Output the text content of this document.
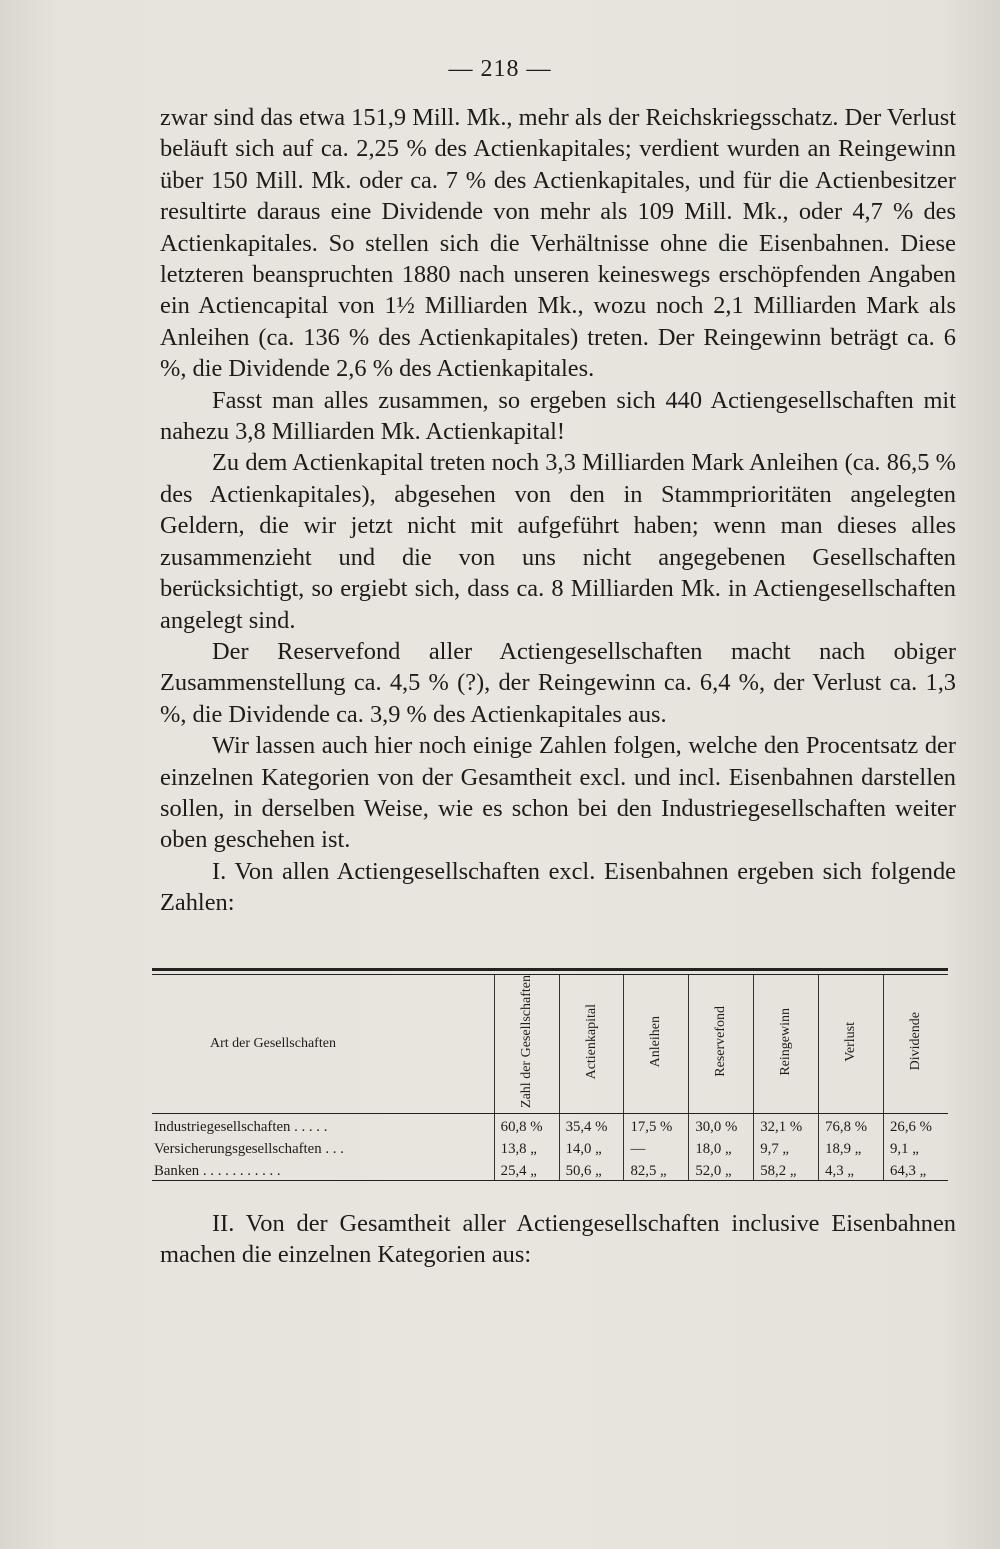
— 218 —

zwar sind das etwa 151,9 Mill. Mk., mehr als der Reichskriegsschatz. Der Verlust beläuft sich auf ca. 2,25 % des Actienkapitales; verdient wurden an Reingewinn über 150 Mill. Mk. oder ca. 7 % des Actienkapitales, und für die Actienbesitzer resultirte daraus eine Dividende von mehr als 109 Mill. Mk., oder 4,7 % des Actienkapitales. So stellen sich die Verhältnisse ohne die Eisenbahnen. Diese letzteren beanspruchten 1880 nach unseren keineswegs erschöpfenden Angaben ein Actiencapital von 1½ Milliarden Mk., wozu noch 2,1 Milliarden Mark als Anleihen (ca. 136 % des Actienkapitales) treten. Der Reingewinn beträgt ca. 6 %, die Dividende 2,6 % des Actienkapitales.

Fasst man alles zusammen, so ergeben sich 440 Actiengesellschaften mit nahezu 3,8 Milliarden Mk. Actienkapital!

Zu dem Actienkapital treten noch 3,3 Milliarden Mark Anleihen (ca. 86,5 % des Actienkapitales), abgesehen von den in Stammprioritäten angelegten Geldern, die wir jetzt nicht mit aufgeführt haben; wenn man dieses alles zusammenzieht und die von uns nicht angegebenen Gesellschaften berücksichtigt, so ergiebt sich, dass ca. 8 Milliarden Mk. in Actiengesellschaften angelegt sind.

Der Reservefond aller Actiengesellschaften macht nach obiger Zusammenstellung ca. 4,5 % (?), der Reingewinn ca. 6,4 %, der Verlust ca. 1,3 %, die Dividende ca. 3,9 % des Actienkapitales aus.

Wir lassen auch hier noch einige Zahlen folgen, welche den Procentsatz der einzelnen Kategorien von der Gesamtheit excl. und incl. Eisenbahnen darstellen sollen, in derselben Weise, wie es schon bei den Industriegesellschaften weiter oben geschehen ist.

I. Von allen Actiengesellschaften excl. Eisenbahnen ergeben sich folgende Zahlen:

Art der Gesellschaften	Zahl der Gesellschaften	Actienkapital	Anleihen	Reservefond	Reingewinn	Verlust	Dividende
Industriegesellschaften . . . . .	60,8 %	35,4 %	17,5 %	30,0 %	32,1 %	76,8 %	26,6 %
Versicherungsgesellschaften . . .	13,8 „	14,0 „	—	18,0 „	9,7 „	18,9 „	9,1 „
Banken . . . . . . . . . . .	25,4 „	50,6 „	82,5 „	52,0 „	58,2 „	4,3 „	64,3 „

II. Von der Gesamtheit aller Actiengesellschaften inclusive Eisenbahnen machen die einzelnen Kategorien aus:
